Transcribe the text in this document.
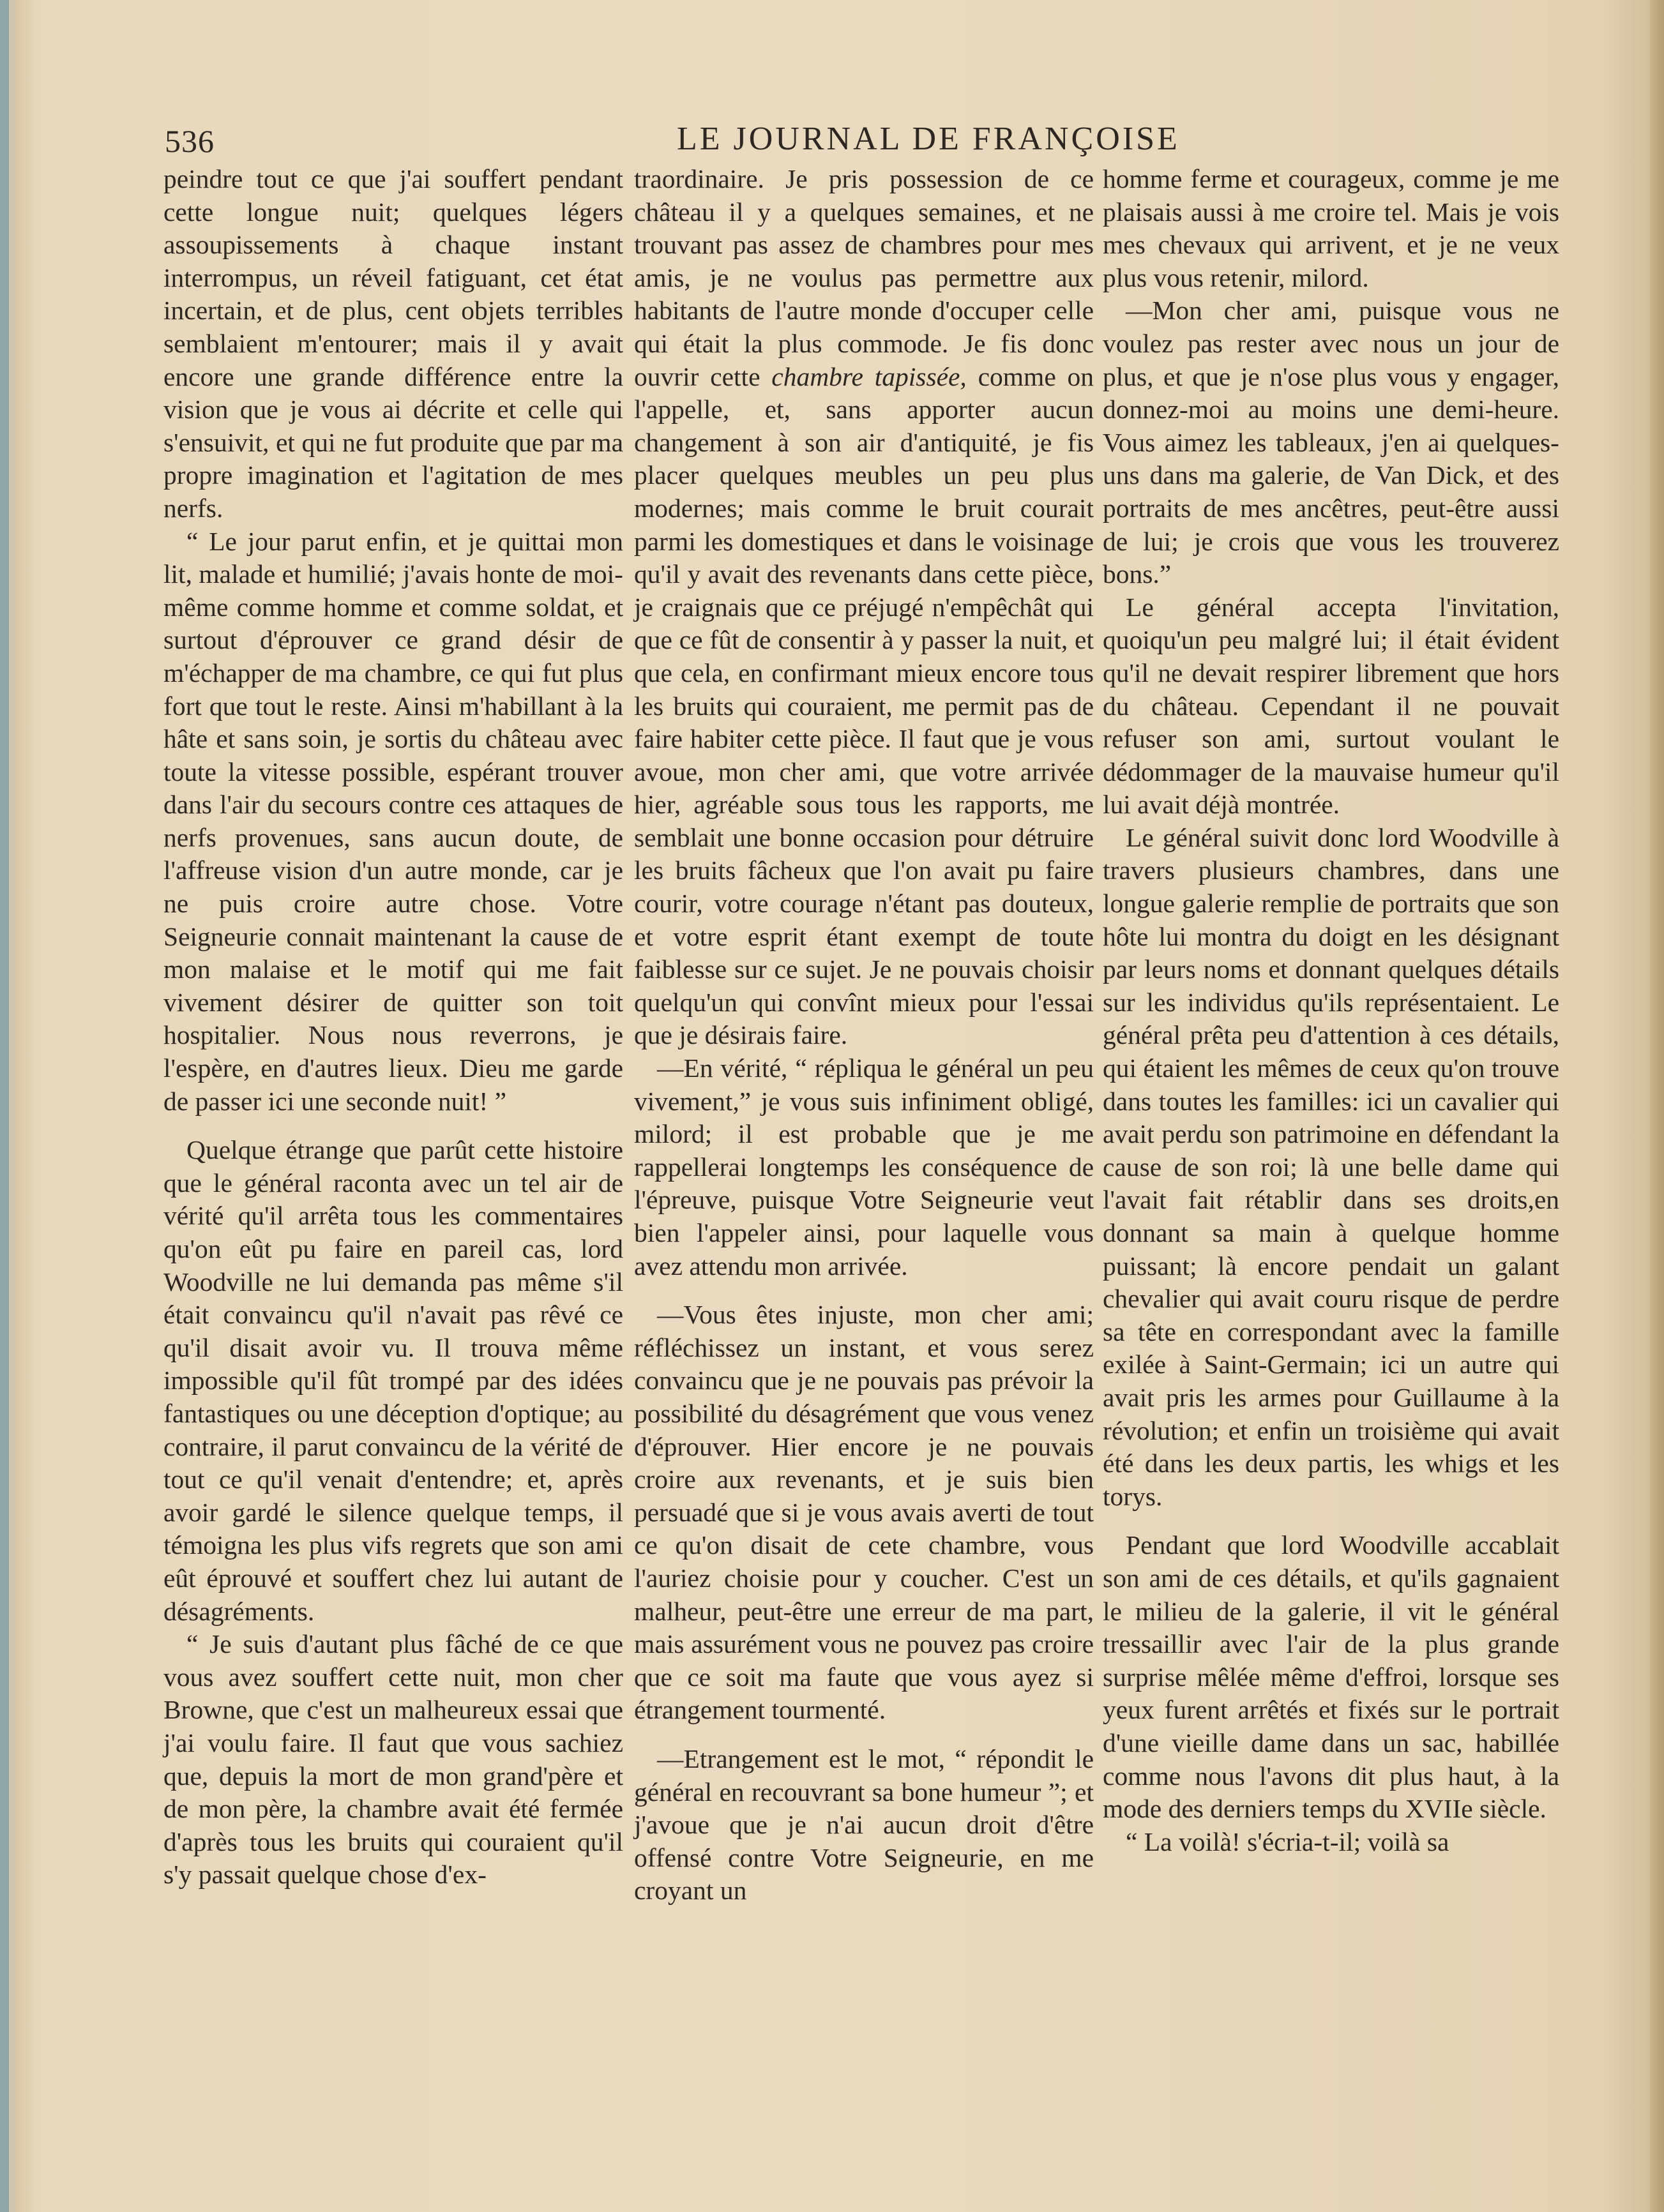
536	LE JOURNAL DE FRANÇOISE

peindre tout ce que j'ai souffert pendant cette longue nuit; quelques légers assoupissements à chaque instant interrompus, un réveil fatiguant, cet état incertain, et de plus, cent objets terribles semblaient m'entourer; mais il y avait encore une grande différence entre la vision que je vous ai décrite et celle qui s'ensuivit, et qui ne fut produite que par ma propre imagination et l'agitation de mes nerfs.

“ Le jour parut enfin, et je quittai mon lit, malade et humilié; j'avais honte de moi-même comme homme et comme soldat, et surtout d'éprouver ce grand désir de m'échapper de ma chambre, ce qui fut plus fort que tout le reste. Ainsi m'habillant à la hâte et sans soin, je sortis du château avec toute la vitesse possible, espérant trouver dans l'air du secours contre ces attaques de nerfs provenues, sans aucun doute, de l'affreuse vision d'un autre monde, car je ne puis croire autre chose. Votre Seigneurie connait maintenant la cause de mon malaise et le motif qui me fait vivement désirer de quitter son toit hospitalier. Nous nous reverrons, je l'espère, en d'autres lieux. Dieu me garde de passer ici une seconde nuit! ”

Quelque étrange que parût cette histoire que le général raconta avec un tel air de vérité qu'il arrêta tous les commentaires qu'on eût pu faire en pareil cas, lord Woodville ne lui demanda pas même s'il était convaincu qu'il n'avait pas rêvé ce qu'il disait avoir vu. Il trouva même impossible qu'il fût trompé par des idées fantastiques ou une déception d'optique; au contraire, il parut convaincu de la vérité de tout ce qu'il venait d'entendre; et, après avoir gardé le silence quelque temps, il témoigna les plus vifs regrets que son ami eût éprouvé et souffert chez lui autant de désagréments.

“ Je suis d'autant plus fâché de ce que vous avez souffert cette nuit, mon cher Browne, que c'est un malheureux essai que j'ai voulu faire. Il faut que vous sachiez que, depuis la mort de mon grand'père et de mon père, la chambre avait été fermée d'après tous les bruits qui couraient qu'il s'y passait quelque chose d'ex-

traordinaire. Je pris possession de ce château il y a quelques semaines, et ne trouvant pas assez de chambres pour mes amis, je ne voulus pas permettre aux habitants de l'autre monde d'occuper celle qui était la plus commode. Je fis donc ouvrir cette chambre tapissée, comme on l'appelle, et, sans apporter aucun changement à son air d'antiquité, je fis placer quelques meubles un peu plus modernes; mais comme le bruit courait parmi les domestiques et dans le voisinage qu'il y avait des revenants dans cette pièce, je craignais que ce préjugé n'empêchât qui que ce fût de consentir à y passer la nuit, et que cela, en confirmant mieux encore tous les bruits qui couraient, me permit pas de faire habiter cette pièce. Il faut que je vous avoue, mon cher ami, que votre arrivée hier, agréable sous tous les rapports, me semblait une bonne occasion pour détruire les bruits fâcheux que l'on avait pu faire courir, votre courage n'étant pas douteux, et votre esprit étant exempt de toute faiblesse sur ce sujet. Je ne pouvais choisir quelqu'un qui convînt mieux pour l'essai que je désirais faire.

—En vérité, “ répliqua le général un peu vivement,” je vous suis infiniment obligé, milord; il est probable que je me rappellerai longtemps les conséquence de l'épreuve, puisque Votre Seigneurie veut bien l'appeler ainsi, pour laquelle vous avez attendu mon arrivée.

—Vous êtes injuste, mon cher ami; réfléchissez un instant, et vous serez convaincu que je ne pouvais pas prévoir la possibilité du désagrément que vous venez d'éprouver. Hier encore je ne pouvais croire aux revenants, et je suis bien persuadé que si je vous avais averti de tout ce qu'on disait de cete chambre, vous l'auriez choisie pour y coucher. C'est un malheur, peut-être une erreur de ma part, mais assurément vous ne pouvez pas croire que ce soit ma faute que vous ayez si étrangement tourmenté.

—Etrangement est le mot, “ répondit le général en recouvrant sa bone humeur ”; et j'avoue que je n'ai aucun droit d'être offensé contre Votre Seigneurie, en me croyant un

homme ferme et courageux, comme je me plaisais aussi à me croire tel. Mais je vois mes chevaux qui arrivent, et je ne veux plus vous retenir, milord.

—Mon cher ami, puisque vous ne voulez pas rester avec nous un jour de plus, et que je n'ose plus vous y engager, donnez-moi au moins une demi-heure. Vous aimez les tableaux, j'en ai quelques-uns dans ma galerie, de Van Dick, et des portraits de mes ancêtres, peut-être aussi de lui; je crois que vous les trouverez bons.”

Le général accepta l'invitation, quoiqu'un peu malgré lui; il était évident qu'il ne devait respirer librement que hors du château. Cependant il ne pouvait refuser son ami, surtout voulant le dédommager de la mauvaise humeur qu'il lui avait déjà montrée.

Le général suivit donc lord Woodville à travers plusieurs chambres, dans une longue galerie remplie de portraits que son hôte lui montra du doigt en les désignant par leurs noms et donnant quelques détails sur les individus qu'ils représentaient. Le général prêta peu d'attention à ces détails, qui étaient les mêmes de ceux qu'on trouve dans toutes les familles: ici un cavalier qui avait perdu son patrimoine en défendant la cause de son roi; là une belle dame qui l'avait fait rétablir dans ses droits,en donnant sa main à quelque homme puissant; là encore pendait un galant chevalier qui avait couru risque de perdre sa tête en correspondant avec la famille exilée à Saint-Germain; ici un autre qui avait pris les armes pour Guillaume à la révolution; et enfin un troisième qui avait été dans les deux partis, les whigs et les torys.

Pendant que lord Woodville accablait son ami de ces détails, et qu'ils gagnaient le milieu de la galerie, il vit le général tressaillir avec l'air de la plus grande surprise mêlée même d'effroi, lorsque ses yeux furent arrêtés et fixés sur le portrait d'une vieille dame dans un sac, habillée comme nous l'avons dit plus haut, à la mode des derniers temps du XVIIe siècle.

“ La voilà! s'écria-t-il; voilà sa
